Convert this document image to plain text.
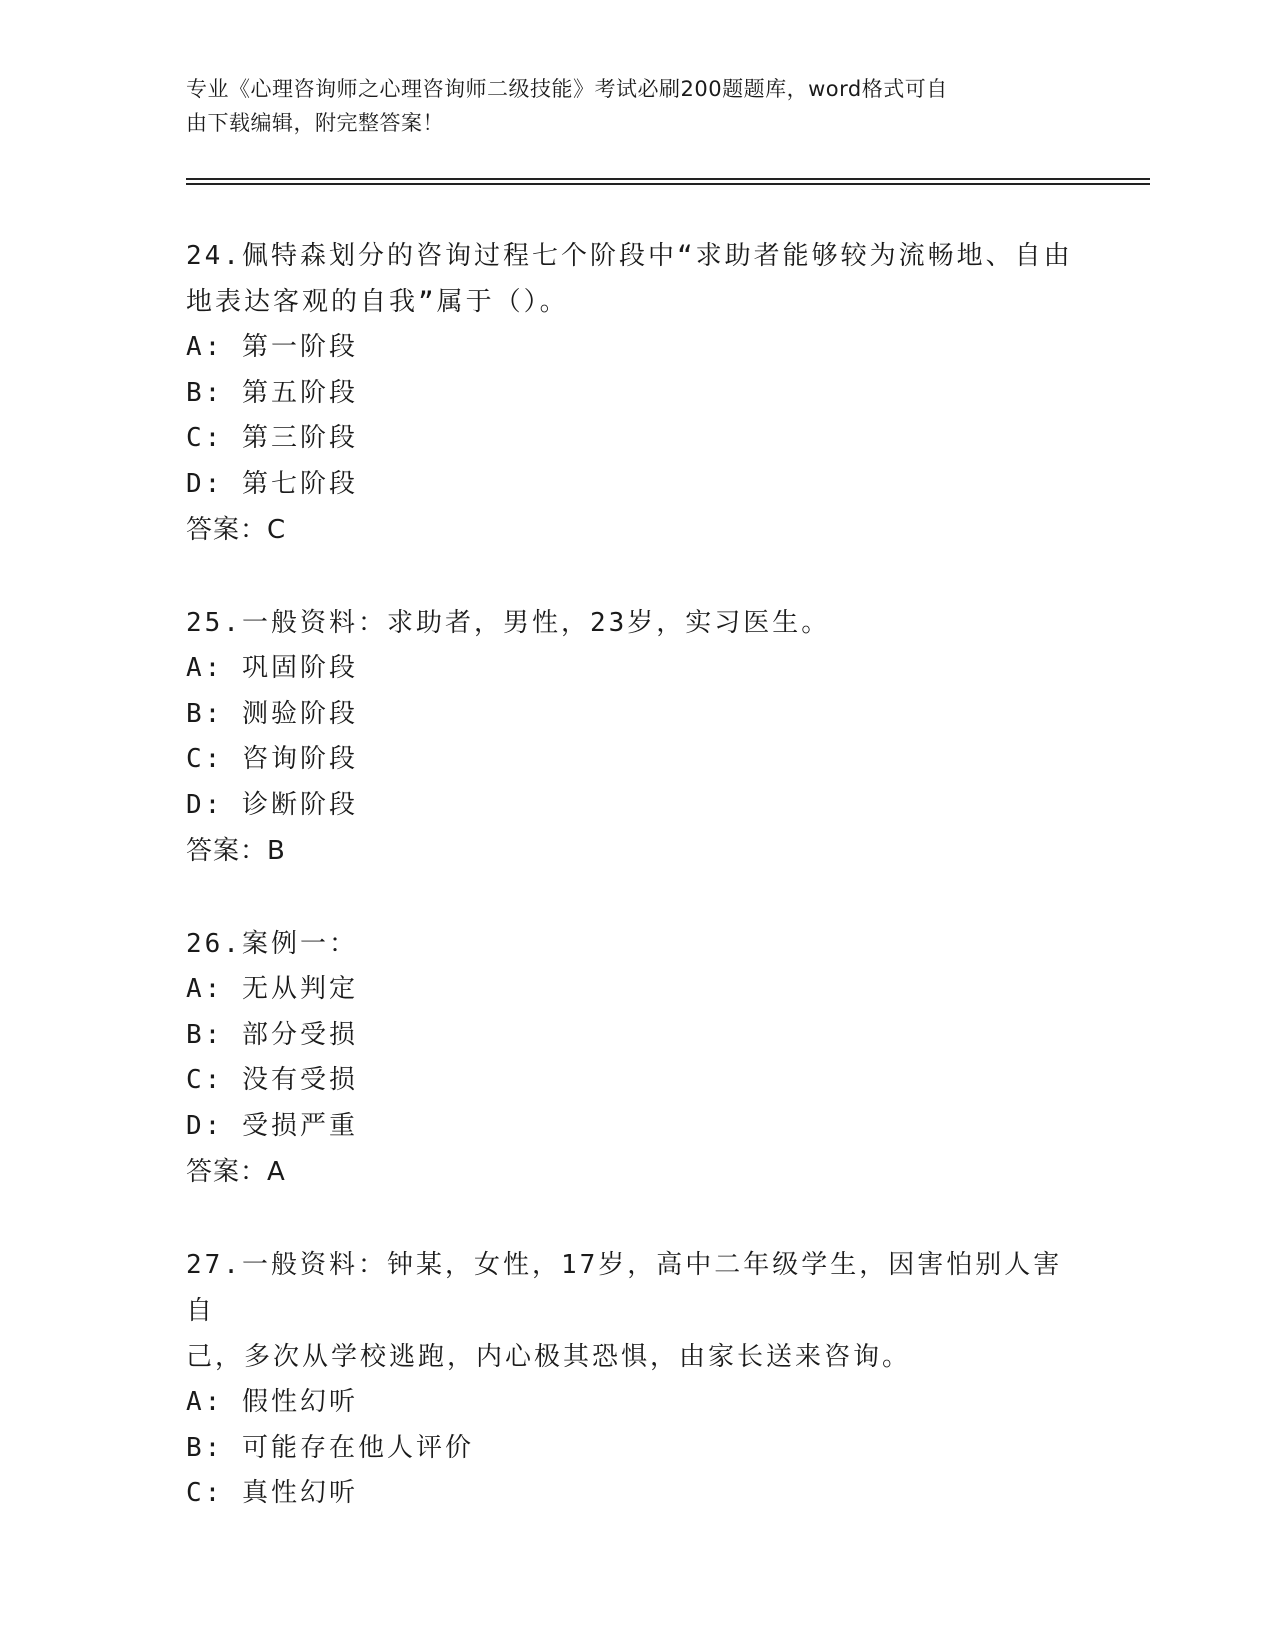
专业《心理咨询师之心理咨询师二级技能》考试必刷200题题库，word格式可自
由下载编辑，附完整答案！
24.佩特森划分的咨询过程七个阶段中“求助者能够较为流畅地、自由
地表达客观的自我”属于（）。
A: 第一阶段
B: 第五阶段
C: 第三阶段
D: 第七阶段
答案：C
25.一般资料：求助者，男性，23岁，实习医生。
A: 巩固阶段
B: 测验阶段
C: 咨询阶段
D: 诊断阶段
答案：B
26.案例一：
A: 无从判定
B: 部分受损
C: 没有受损
D: 受损严重
答案：A
27.一般资料：钟某，女性，17岁，高中二年级学生，因害怕别人害自
己，多次从学校逃跑，内心极其恐惧，由家长送来咨询。
A: 假性幻听
B: 可能存在他人评价
C: 真性幻听
